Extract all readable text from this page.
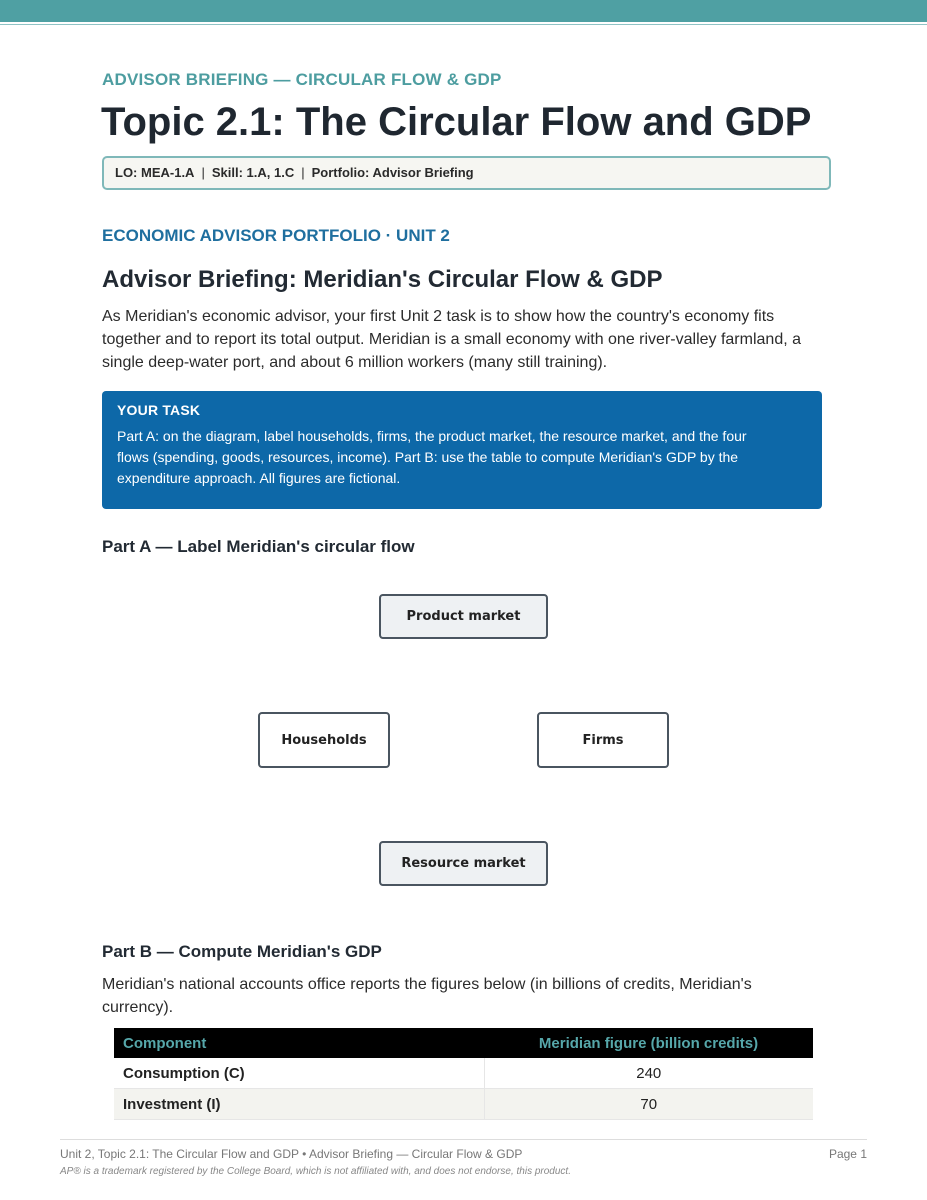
ADVISOR BRIEFING — CIRCULAR FLOW & GDP
Topic 2.1: The Circular Flow and GDP
LO: MEA-1.A | Skill: 1.A, 1.C | Portfolio: Advisor Briefing
ECONOMIC ADVISOR PORTFOLIO · UNIT 2
Advisor Briefing: Meridian's Circular Flow & GDP

As Meridian's economic advisor, your first Unit 2 task is to show how the country's economy fits together and to report its total output. Meridian is a small economy with one river-valley farmland, a single deep-water port, and about 6 million workers (many still training).

YOUR TASK
Part A: on the diagram, label households, firms, the product market, the resource market, and the four flows (spending, goods, resources, income). Part B: use the table to compute Meridian's GDP by the expenditure approach. All figures are fictional.
Part A — Label Meridian's circular flow
Product market
Households	Firms
Resource market
Part B — Compute Meridian's GDP

Meridian's national accounts office reports the figures below (in billions of credits, Meridian's currency).

Component	Meridian figure (billion credits)
Consumption (C)	240
Investment (I)	70
Unit 2, Topic 2.1: The Circular Flow and GDP • Advisor Briefing — Circular Flow & GDP	Page 1
AP® is a trademark registered by the College Board, which is not affiliated with, and does not endorse, this product.
